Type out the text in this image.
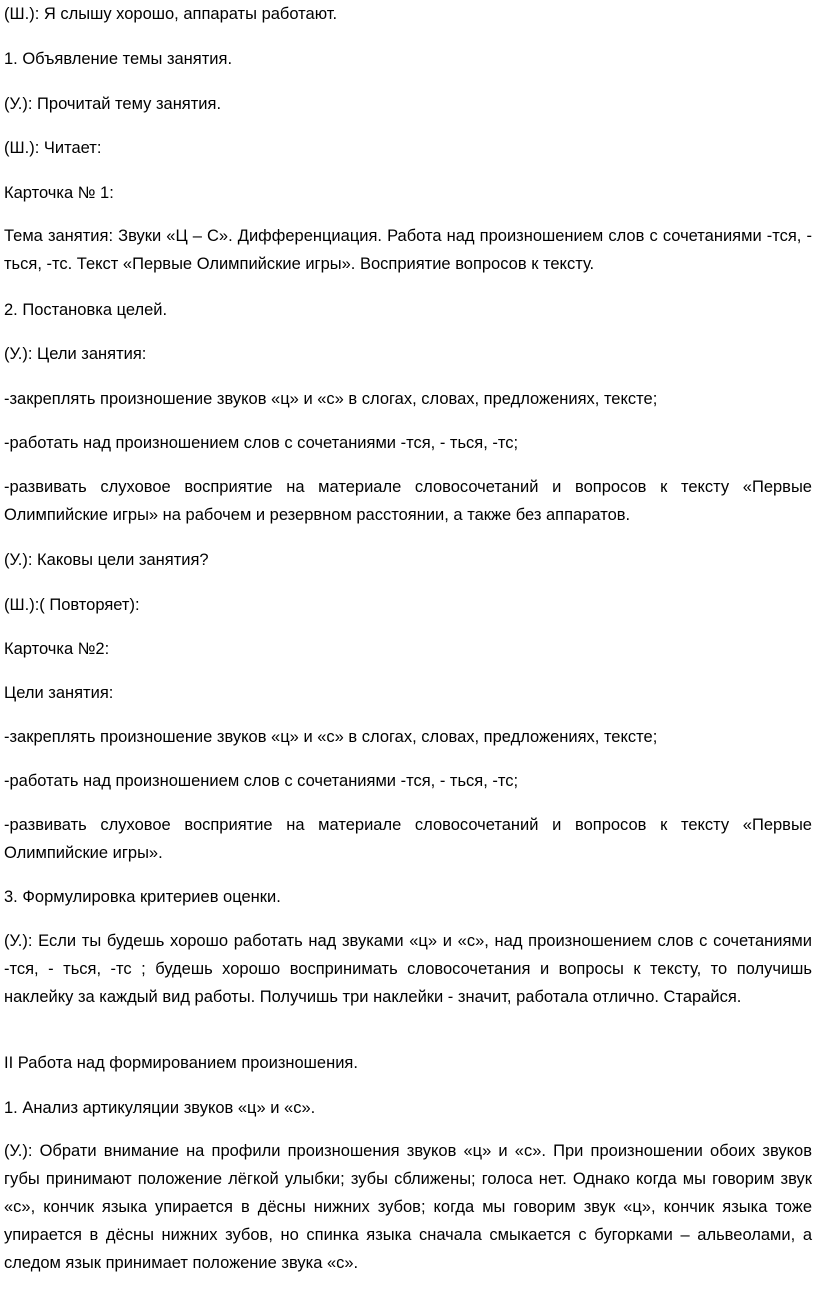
(Ш.): Я слышу хорошо, аппараты работают.

1. Объявление темы занятия.

(У.): Прочитай тему занятия.

(Ш.): Читает:

Карточка № 1:

Тема занятия: Звуки «Ц – С». Дифференциация. Работа над произношением слов с сочетаниями -тся, - ться, -тс. Текст «Первые Олимпийские игры». Восприятие вопросов к тексту.

2. Постановка целей.

(У.): Цели занятия:

-закреплять произношение звуков «ц» и «с» в слогах, словах, предложениях, тексте;

-работать над произношением слов с сочетаниями -тся, - ться, -тс;

-развивать слуховое восприятие на материале словосочетаний и вопросов к тексту «Первые Олимпийские игры» на рабочем и резервном расстоянии, а также без аппаратов.

(У.): Каковы цели занятия?

(Ш.):( Повторяет):

Карточка №2:

Цели занятия:

-закреплять произношение звуков «ц» и «с» в слогах, словах, предложениях, тексте;

-работать над произношением слов с сочетаниями -тся, - ться, -тс;

-развивать слуховое восприятие на материале словосочетаний и вопросов к тексту «Первые Олимпийские игры».

3. Формулировка критериев оценки.

(У.): Если ты будешь хорошо работать над звуками «ц» и «с», над произношением слов с сочетаниями -тся, - ться, -тс ; будешь хорошо воспринимать словосочетания и вопросы к тексту, то получишь наклейку за каждый вид работы. Получишь три наклейки - значит, работала отлично. Старайся.

II Работа над формированием произношения.

1. Анализ артикуляции звуков «ц» и «с».

(У.): Обрати внимание на профили произношения звуков «ц» и «с». При произношении обоих звуков губы принимают положение лёгкой улыбки; зубы сближены; голоса нет. Однако когда мы говорим звук «с», кончик языка упирается в дёсны нижних зубов; когда мы говорим звук «ц», кончик языка тоже упирается в дёсны нижних зубов, но спинка языка сначала смыкается с бугорками – альвеолами, а следом язык принимает положение звука «с».
